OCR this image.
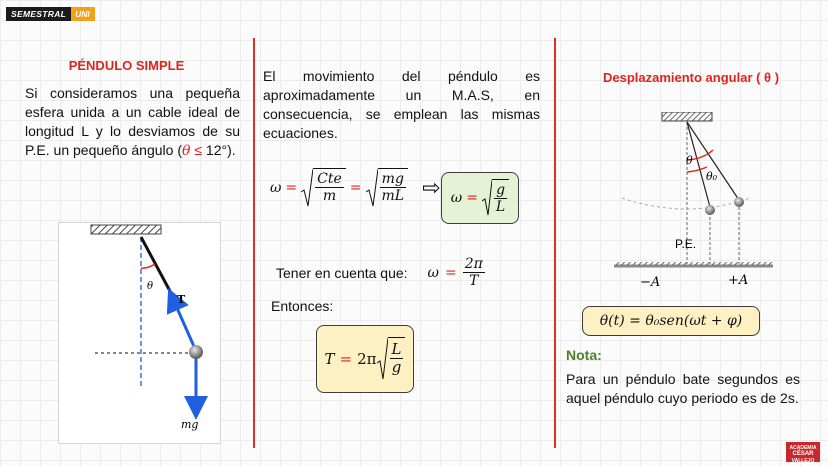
SEMESTRAL	UNI
PÉNDULO SIMPLE
Si consideramos una pequeña esfera unida a un cable ideal de longitud L y lo desviamos de su P.E. un pequeño ángulo (θ ≤ 12°).
θ
T
mg
El movimiento del péndulo es aproximadamente un M.A.S, en consecuencia, se emplean las mismas ecuaciones.
$\omega = \frac{\text{Cte}}{m} = \frac{mg}{mL}$ ⇨ $\omega = \frac{g}{L}$
Tener en cuenta que: $\omega = \frac{2\pi}{T}$
Entonces:
$T = 2\pi \frac{L}{g}$
Desplazamiento angular ( θ )
θ
θ₀
P.E.
−A	+A
θ(t) = θ₀sen(ωt + φ)
Nota:
Para un péndulo bate segundos es aquel péndulo cuyo periodo es de 2s.
ACADEMIA
CÉSAR
VALLEJO
